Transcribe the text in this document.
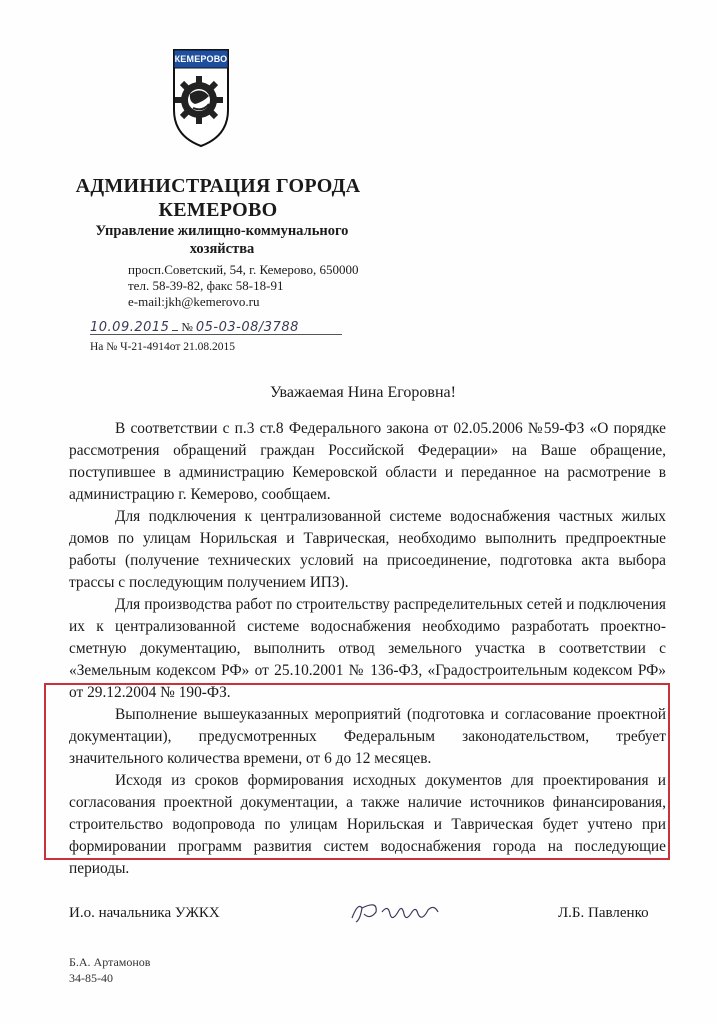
КЕМЕРОВО
АДМИНИСТРАЦИЯ ГОРОДА
КЕМЕРОВО
Управление жилищно-коммунального
хозяйства
просп.Советский, 54, г. Кемерово, 650000
тел. 58-39-82, факс 58-18-91
e-mail:jkh@kemerovo.ru
10.09.2015 № 05-03-08/3788
На № Ч-21-4914от 21.08.2015
Уважаемая Нина Егоровна!

В соответствии с п.3 ст.8 Федерального закона от 02.05.2006 №59-ФЗ «О порядке рассмотрения обращений граждан Российской Федерации» на Ваше обращение, поступившее в администрацию Кемеровской области и переданное на расмотрение в администрацию г. Кемерово, сообщаем.

Для подключения к централизованной системе водоснабжения частных жилых домов по улицам Норильская и Таврическая, необходимо выполнить предпроектные работы (получение технических условий на присоединение, подготовка акта выбора трассы с последующим получением ИПЗ).

Для производства работ по строительству распределительных сетей и подключения их к централизованной системе водоснабжения необходимо разработать проектно-сметную документацию, выполнить отвод земельного участка в соответствии с «Земельным кодексом РФ» от 25.10.2001 № 136-ФЗ, «Градостроительным кодексом РФ» от 29.12.2004 № 190-ФЗ.

Выполнение вышеуказанных мероприятий (подготовка и согласование проектной документации), предусмотренных Федеральным законодательством, требует значительного количества времени, от 6 до 12 месяцев.

Исходя из сроков формирования исходных документов для проектирования и согласования проектной документации, а также наличие источников финансирования, строительство водопровода по улицам Норильская и Таврическая будет учтено при формировании программ развития систем водоснабжения города на последующие периоды.

И.о. начальника УЖКХ	Л.Б. Павленко
Б.А. Артамонов
34-85-40
